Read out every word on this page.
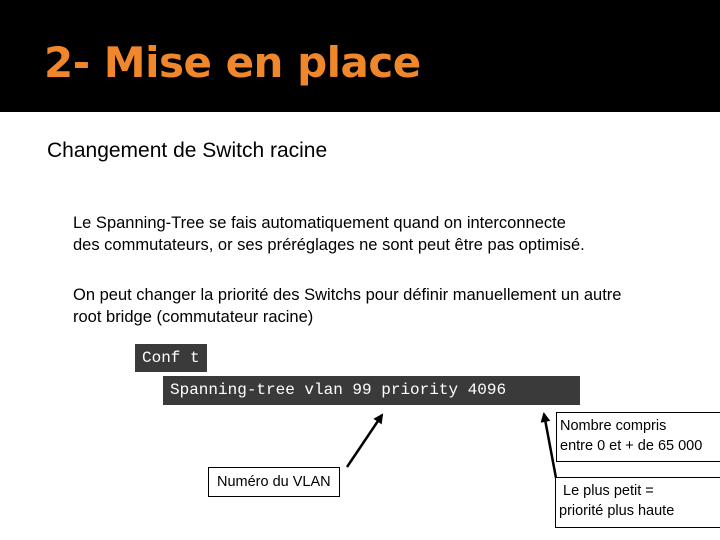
2- Mise en place
Changement de Switch racine
Le Spanning-Tree se fais automatiquement quand on interconnecte
des commutateurs, or ses préréglages ne sont peut être pas optimisé.
On peut changer la priorité des Switchs pour définir manuellement un autre
root bridge (commutateur racine)
Conf t
Spanning-tree vlan 99 priority 4096
Numéro du VLAN
Nombre compris
entre 0 et + de 65 000
Le plus petit =
priorité plus haute
